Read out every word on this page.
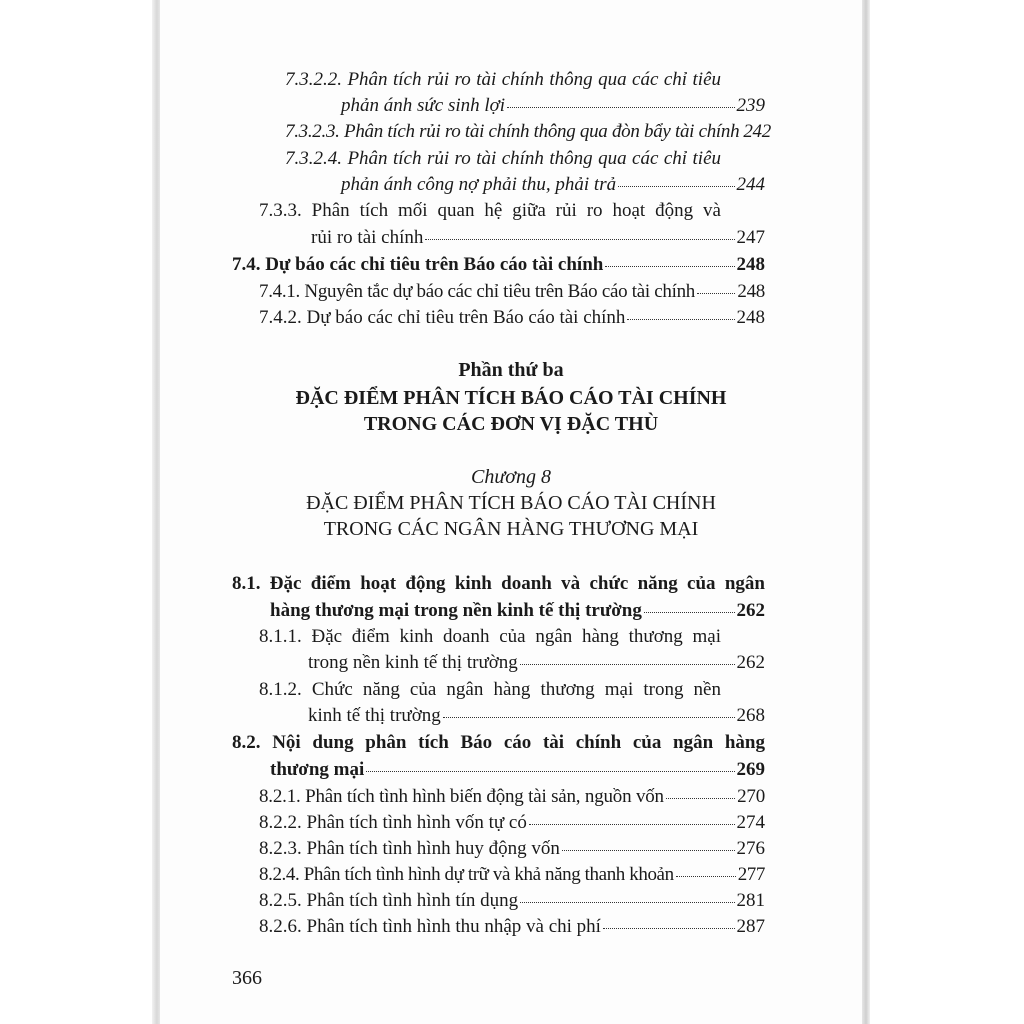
7.3.2.2. Phân tích rủi ro tài chính thông qua các chỉ tiêu
phản ánh sức sinh lợi	239
7.3.2.3. Phân tích rủi ro tài chính thông qua đòn bẩy tài chính 242
7.3.2.4. Phân tích rủi ro tài chính thông qua các chỉ tiêu
phản ánh công nợ phải thu, phải trả	244
7.3.3. Phân tích mối quan hệ giữa rủi ro hoạt động và
rủi ro tài chính	247
7.4. Dự báo các chỉ tiêu trên Báo cáo tài chính	248
7.4.1. Nguyên tắc dự báo các chỉ tiêu trên Báo cáo tài chính 248
7.4.2. Dự báo các chỉ tiêu trên Báo cáo tài chính	248
Phần thứ ba
ĐẶC ĐIỂM PHÂN TÍCH BÁO CÁO TÀI CHÍNH
TRONG CÁC ĐƠN VỊ ĐẶC THÙ
Chương 8
ĐẶC ĐIỂM PHÂN TÍCH BÁO CÁO TÀI CHÍNH
TRONG CÁC NGÂN HÀNG THƯƠNG MẠI
8.1. Đặc điểm hoạt động kinh doanh và chức năng của ngân
hàng thương mại trong nền kinh tế thị trường	262
8.1.1. Đặc điểm kinh doanh của ngân hàng thương mại
trong nền kinh tế thị trường	262
8.1.2. Chức năng của ngân hàng thương mại trong nền
kinh tế thị trường	268
8.2. Nội dung phân tích Báo cáo tài chính của ngân hàng
thương mại	269
8.2.1. Phân tích tình hình biến động tài sản, nguồn vốn	270
8.2.2. Phân tích tình hình vốn tự có	274
8.2.3. Phân tích tình hình huy động vốn	276
8.2.4. Phân tích tình hình dự trữ và khả năng thanh khoản	277
8.2.5. Phân tích tình hình tín dụng	281
8.2.6. Phân tích tình hình thu nhập và chi phí	287
366
